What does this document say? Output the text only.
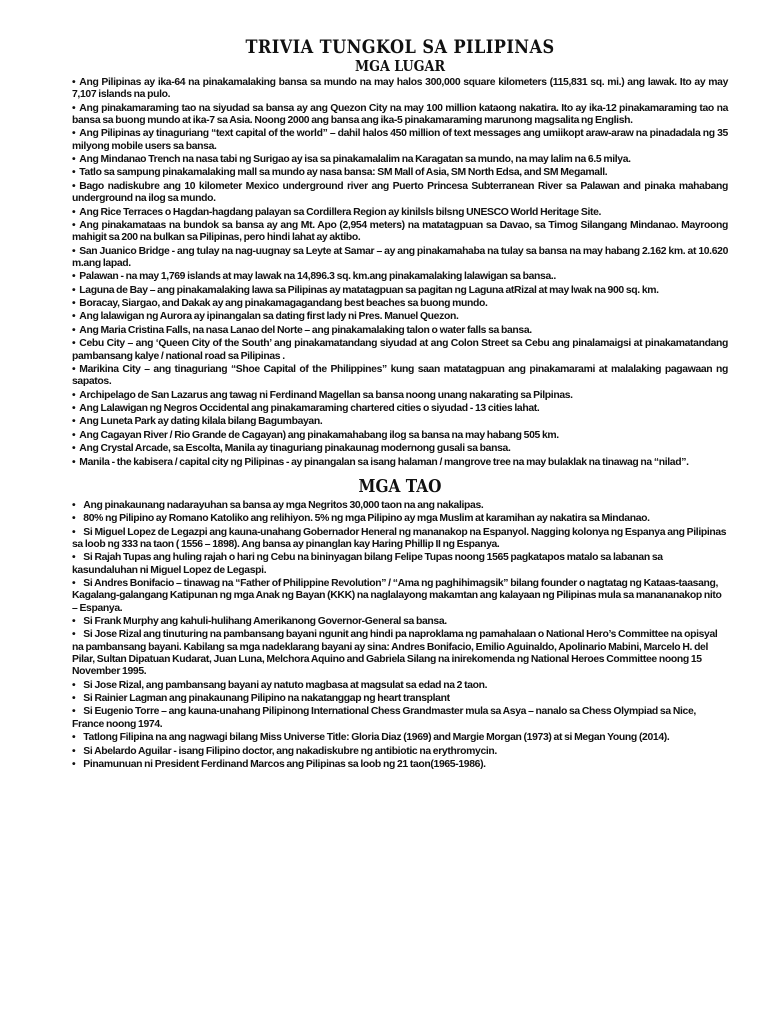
TRIVIA TUNGKOL SA PILIPINAS
MGA LUGAR
• Ang Pilipinas ay ika-64 na pinakamalaking bansa sa mundo na may halos 300,000 square kilometers (115,831 sq. mi.) ang lawak. Ito ay may 7,107 islands na pulo.
• Ang pinakamaraming tao na siyudad sa bansa ay ang Quezon City na may 100 million kataong nakatira. Ito ay ika-12 pinakamaraming tao na bansa sa buong mundo at ika-7 sa Asia. Noong 2000 ang bansa ang ika-5 pinakamaraming marunong magsalita ng English.
• Ang Pilipinas ay tinaguriang “text capital of the world” – dahil halos 450 million of text messages ang umiikopt araw-araw na pinadadala ng 35 milyong mobile users sa bansa.
• Ang Mindanao Trench na nasa tabi ng Surigao ay isa sa pinakamalalim na Karagatan sa mundo, na may lalim na 6.5 milya.
• Tatlo sa sampung pinakamalaking mall sa mundo ay nasa bansa: SM Mall of Asia, SM North Edsa, and SM Megamall.
• Bago nadiskubre ang 10 kilometer Mexico underground river ang Puerto Princesa Subterranean River sa Palawan and pinaka mahabang underground na ilog sa mundo.
• Ang Rice Terraces o Hagdan-hagdang palayan sa Cordillera Region ay kinilsls bilsng UNESCO World Heritage Site.
• Ang pinakamataas na bundok sa bansa ay ang Mt. Apo (2,954 meters) na matatagpuan sa Davao, sa Timog Silangang Mindanao. Mayroong mahigit sa 200 na bulkan sa Pilipinas, pero hindi lahat ay aktibo.
• San Juanico Bridge - ang tulay na nag-uugnay sa Leyte at Samar – ay ang pinakamahaba na tulay sa bansa na may habang 2.162 km. at 10.620 m.ang lapad.
• Palawan - na may 1,769 islands at may lawak na 14,896.3 sq. km.ang pinakamalaking lalawigan sa bansa..
• Laguna de Bay – ang pinakamalaking lawa sa Pilipinas ay matatagpuan sa pagitan ng Laguna atRizal at may lwak na 900 sq. km.
• Boracay, Siargao, and Dakak ay ang pinakamagagandang best beaches sa buong mundo.
• Ang lalawigan ng Aurora ay ipinangalan sa dating first lady ni Pres. Manuel Quezon.
• Ang Maria Cristina Falls, na nasa Lanao del Norte – ang pinakamalaking talon o water falls sa bansa.
• Cebu City – ang ‘Queen City of the South’ ang pinakamatandang siyudad at ang Colon Street sa Cebu ang pinalamaigsi at pinakamatandang pambansang kalye / national road sa Pilipinas .
• Marikina City – ang tinaguriang “Shoe Capital of the Philippines” kung saan matatagpuan ang pinakamarami at malalaking pagawaan ng sapatos.
• Archipelago de San Lazarus ang tawag ni Ferdinand Magellan sa bansa noong unang nakarating sa Pilpinas.
• Ang Lalawigan ng Negros Occidental ang pinakamaraming chartered cities o siyudad - 13 cities lahat.
• Ang Luneta Park ay dating kilala bilang Bagumbayan.
• Ang Cagayan River / Rio Grande de Cagayan) ang pinakamahabang ilog sa bansa na may habang 505 km.
• Ang Crystal Arcade, sa Escolta, Manila ay tinaguriang pinakaunag modernong gusali sa bansa.
• Manila - the kabisera / capital city ng Pilipinas - ay pinangalan sa isang halaman / mangrove tree na may bulaklak na tinawag na “nilad”.
MGA TAO
• Ang pinakaunang nadarayuhan sa bansa ay mga Negritos 30,000 taon na ang nakalipas.
• 80% ng Pilipino ay Romano Katoliko ang relihiyon. 5% ng mga Pilipino ay mga Muslim at karamihan ay nakatira sa Mindanao.
• Si Miguel Lopez de Legazpi ang kauna-unahang Gobernador Heneral ng mananakop na Espanyol. Nagging kolonya ng Espanya ang Pilipinas sa loob ng 333 na taon ( 1556 – 1898). Ang bansa ay pinanglan kay Haring Phillip II ng Espanya.
• Si Rajah Tupas ang huling rajah o hari ng Cebu na bininyagan bilang Felipe Tupas noong 1565 pagkatapos matalo sa labanan sa kasundaluhan ni Miguel Lopez de Legaspi.
• Si Andres Bonifacio – tinawag na “Father of Philippine Revolution” / “Ama ng paghihimagsik” bilang founder o nagtatag ng Kataas-taasang, Kagalang-galangang Katipunan ng mga Anak ng Bayan (KKK) na naglalayong makamtan ang kalayaan ng Pilipinas mula sa manananakop nito – Espanya.
• Si Frank Murphy ang kahuli-hulihang Amerikanong Governor-General sa bansa.
• Si Jose Rizal ang tinuturing na pambansang bayani ngunit ang hindi pa naproklama ng pamahalaan o National Hero’s Committee na opisyal na pambansang bayani. Kabilang sa mga nadeklarang bayani ay sina: Andres Bonifacio, Emilio Aguinaldo, Apolinario Mabini, Marcelo H. del Pilar, Sultan Dipatuan Kudarat, Juan Luna, Melchora Aquino and Gabriela Silang na inirekomenda ng National Heroes Committee noong 15 November 1995.
• Si Jose Rizal, ang pambansang bayani ay natuto magbasa at magsulat sa edad na 2 taon.
• Si Rainier Lagman ang pinakaunang Pilipino na nakatanggap ng heart transplant
• Si Eugenio Torre – ang kauna-unahang Pilipinong International Chess Grandmaster mula sa Asya – nanalo sa Chess Olympiad sa Nice, France noong 1974.
• Tatlong Filipina na ang nagwagi bilang Miss Universe Title: Gloria Diaz (1969) and Margie Morgan (1973) at si Megan Young (2014).
• Si Abelardo Aguilar - isang Filipino doctor, ang nakadiskubre ng antibiotic na erythromycin.
• Pinamunuan ni President Ferdinand Marcos ang Pilipinas sa loob ng 21 taon(1965-1986).
